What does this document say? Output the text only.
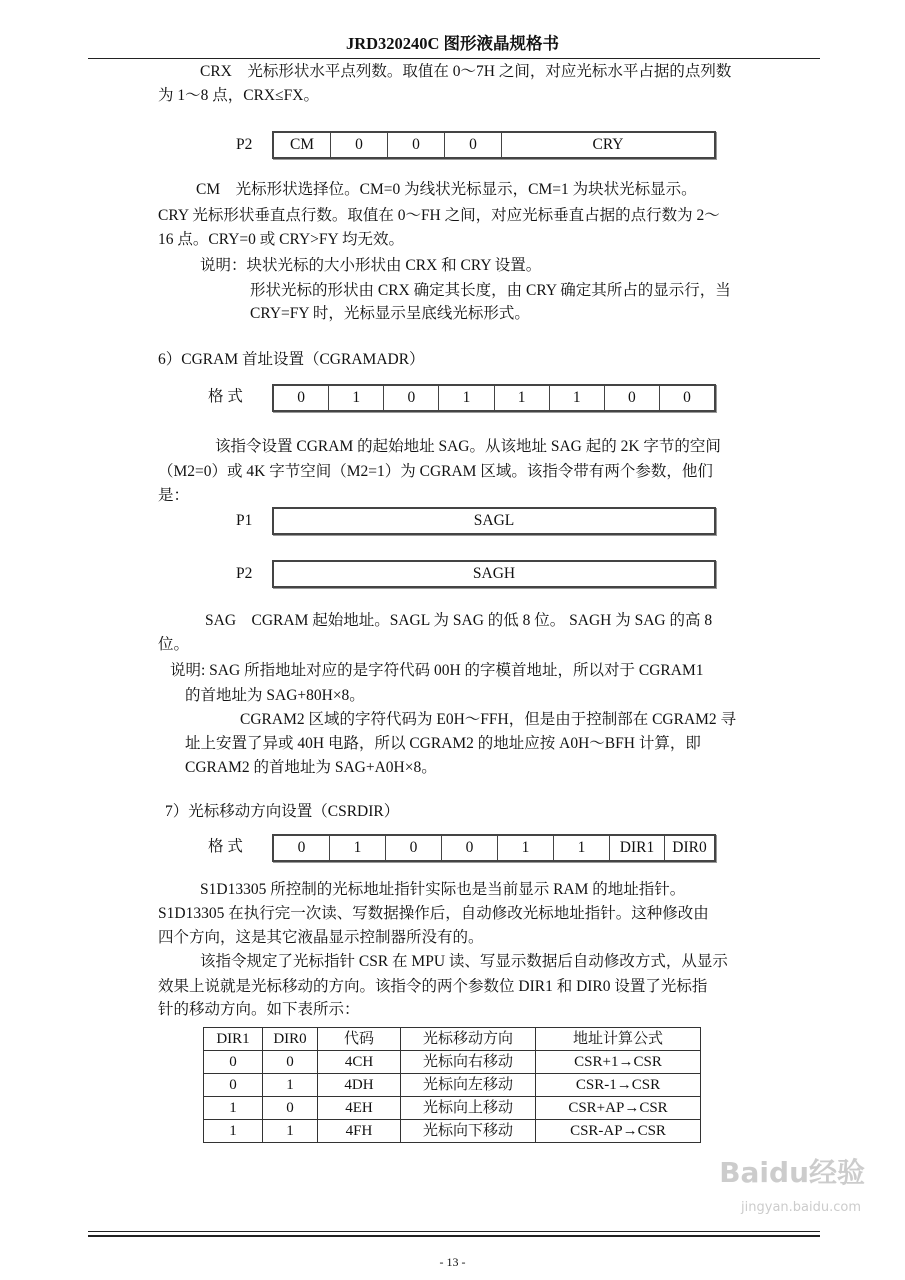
JRD320240C 图形液晶规格书
CRX　光标形状水平点列数。取值在 0～7H 之间，对应光标水平占据的点列数
为 1～8 点，CRX≤FX。
P2	CM	0	0	0	CRY
CM　光标形状选择位。CM=0 为线状光标显示，CM=1 为块状光标显示。
CRY 光标形状垂直点行数。取值在 0～FH 之间，对应光标垂直占据的点行数为 2～
16 点。CRY=0 或 CRY>FY 均无效。
说明：块状光标的大小形状由 CRX 和 CRY 设置。
形状光标的形状由 CRX 确定其长度，由 CRY 确定其所占的显示行，当
CRY=FY 时，光标显示呈底线光标形式。
6）CGRAM 首址设置（CGRAMADR）
格 式	0	1	0	1	1	1	0	0
该指令设置 CGRAM 的起始地址 SAG。从该地址 SAG 起的 2K 字节的空间
（M2=0）或 4K 字节空间（M2=1）为 CGRAM 区域。该指令带有两个参数，他们
是：
P1	SAGL
P2	SAGH
SAG　CGRAM 起始地址。SAGL 为 SAG 的低 8 位。 SAGH 为 SAG 的高 8
位。
说明: SAG 所指地址对应的是字符代码 00H 的字模首地址，所以对于 CGRAM1
的首地址为 SAG+80H×8。
CGRAM2 区域的字符代码为 E0H～FFH，但是由于控制部在 CGRAM2 寻
址上安置了异或 40H 电路，所以 CGRAM2 的地址应按 A0H～BFH 计算，即
CGRAM2 的首地址为 SAG+A0H×8。
7）光标移动方向设置（CSRDIR）
格 式	0	1	0	0	1	1	DIR1	DIR0
S1D13305 所控制的光标地址指针实际也是当前显示 RAM 的地址指针。
S1D13305 在执行完一次读、写数据操作后，自动修改光标地址指针。这种修改由
四个方向，这是其它液晶显示控制器所没有的。
该指令规定了光标指针 CSR 在 MPU 读、写显示数据后自动修改方式，从显示
效果上说就是光标移动的方向。该指令的两个参数位 DIR1 和 DIR0 设置了光标指
针的移动方向。如下表所示：
DIR1	DIR0	代码	光标移动方向	地址计算公式
0	0	4CH	光标向右移动	CSR+1→CSR
0	1	4DH	光标向左移动	CSR-1→CSR
1	0	4EH	光标向上移动	CSR+AP→CSR
1	1	4FH	光标向下移动	CSR-AP→CSR
Baidu经验
jingyan.baidu.com
- 13 -
